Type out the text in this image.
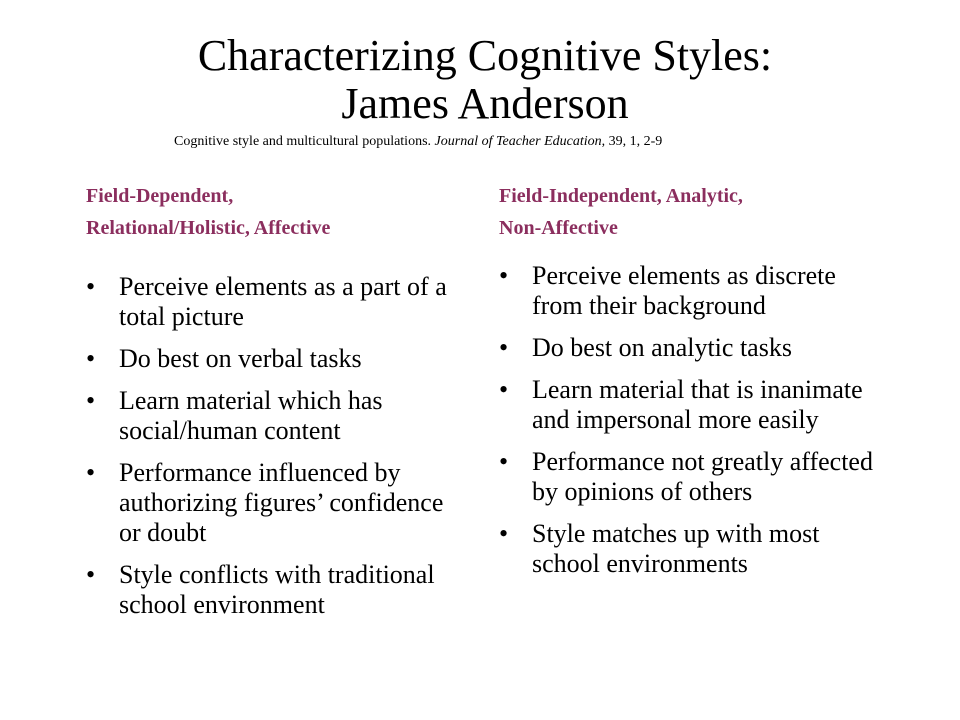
Characterizing Cognitive Styles:
James Anderson
Cognitive style and multicultural populations. Journal of Teacher Education, 39, 1, 2-9
Field-Dependent,
Relational/Holistic, Affective
Field-Independent, Analytic,
Non-Affective
• Perceive elements as a part of a total picture
• Do best on verbal tasks
• Learn material which has social/human content
• Performance influenced by authorizing figures’ confidence or doubt
• Style conflicts with traditional school environment
• Perceive elements as discrete from their background
• Do best on analytic tasks
• Learn material that is inanimate and impersonal more easily
• Performance not greatly affected by opinions of others
• Style matches up with most school environments
